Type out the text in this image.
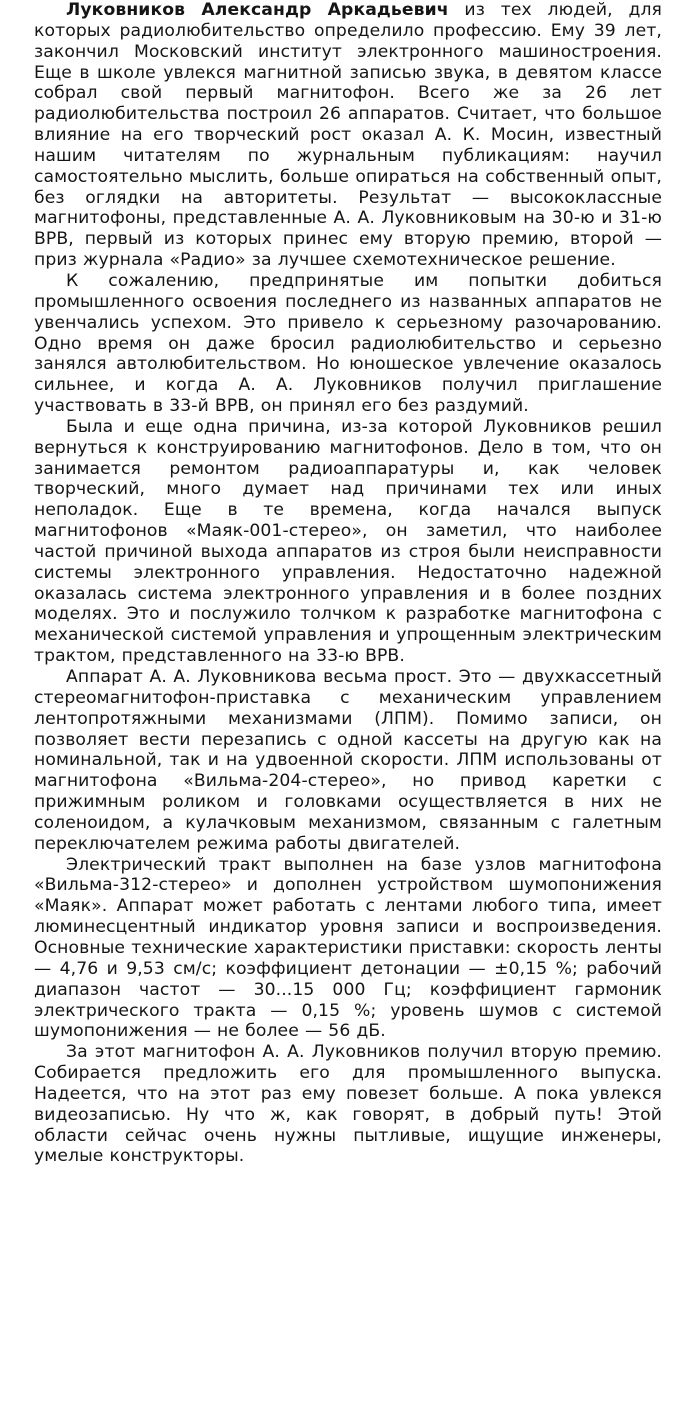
Луковников Александр Аркадьевич из тех людей, для которых радиолюбительство определило профессию. Ему 39 лет, закончил Московский институт электронного машиностроения. Еще в школе увлекся магнитной записью звука, в девятом классе собрал свой первый магнитофон. Всего же за 26 лет радиолюбительства построил 26 аппаратов. Считает, что большое влияние на его творческий рост оказал А. К. Мосин, известный нашим читателям по журнальным публикациям: научил самостоятельно мыслить, больше опираться на собственный опыт, без оглядки на авторитеты. Результат — высококлассные магнитофоны, представленные А. А. Луковниковым на 30-ю и 31-ю ВРВ, первый из которых принес ему вторую премию, второй — приз журнала «Радио» за лучшее схемотехническое решение.

К сожалению, предпринятые им попытки добиться промышленного освоения последнего из названных аппаратов не увенчались успехом. Это привело к серьезному разочарованию. Одно время он даже бросил радиолюбительство и серьезно занялся автолюбительством. Но юношеское увлечение оказалось сильнее, и когда А. А. Луковников получил приглашение участвовать в 33-й ВРВ, он принял его без раздумий.

Была и еще одна причина, из-за которой Луковников решил вернуться к конструированию магнитофонов. Дело в том, что он занимается ремонтом радиоаппаратуры и, как человек творческий, много думает над причинами тех или иных неполадок. Еще в те времена, когда начался выпуск магнитофонов «Маяк-001-стерео», он заметил, что наиболее частой причиной выхода аппаратов из строя были неисправности системы электронного управления. Недостаточно надежной оказалась система электронного управления и в более поздних моделях. Это и послужило толчком к разработке магнитофона с механической системой управления и упрощенным электрическим трактом, представленного на 33-ю ВРВ.

Аппарат А. А. Луковникова весьма прост. Это — двухкассетный стереомагнитофон-приставка с механическим управлением лентопротяжными механизмами (ЛПМ). Помимо записи, он позволяет вести перезапись с одной кассеты на другую как на номинальной, так и на удвоенной скорости. ЛПМ использованы от магнитофона «Вильма-204-стерео», но привод каретки с прижимным роликом и головками осуществляется в них не соленоидом, а кулачковым механизмом, связанным с галетным переключателем режима работы двигателей.

Электрический тракт выполнен на базе узлов магнитофона «Вильма-312-стерео» и дополнен устройством шумопонижения «Маяк». Аппарат может работать с лентами любого типа, имеет люминесцентный индикатор уровня записи и воспроизведения. Основные технические характеристики приставки: скорость ленты — 4,76 и 9,53 см/с; коэффициент детонации — ±0,15 %; рабочий диапазон частот — 30...15 000 Гц; коэффициент гармоник электрического тракта — 0,15 %; уровень шумов с системой шумопонижения — не более — 56 дБ.

За этот магнитофон А. А. Луковников получил вторую премию. Собирается предложить его для промышленного выпуска. Надеется, что на этот раз ему повезет больше. А пока увлекся видеозаписью. Ну что ж, как говорят, в добрый путь! Этой области сейчас очень нужны пытливые, ищущие инженеры, умелые конструкторы.
